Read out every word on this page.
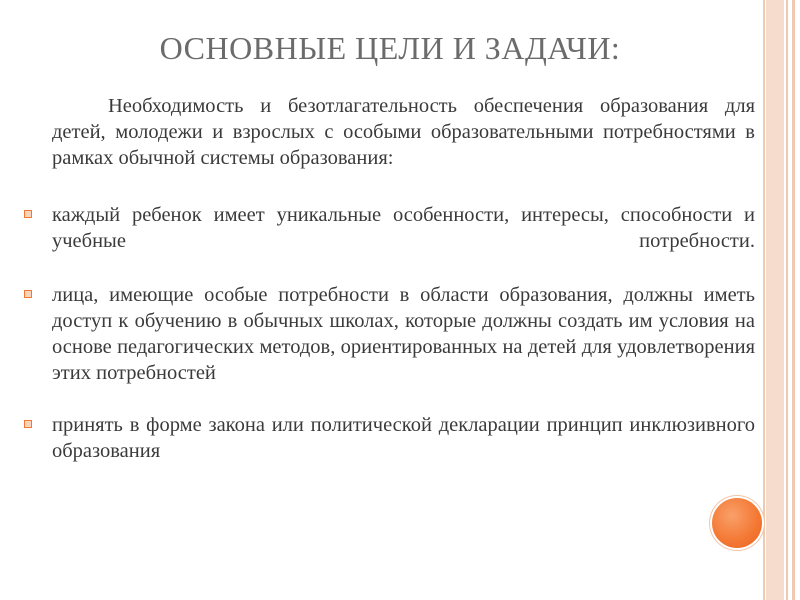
ОСНОВНЫЕ ЦЕЛИ И ЗАДАЧИ:

Необходимость и безотлагательность обеспечения образования для детей, молодежи и взрослых с особыми образовательными потребностями в рамках обычной системы образования:

каждый ребенок имеет уникальные особенности, интересы, способности и учебные потребности.
лица, имеющие особые потребности в области образования, должны иметь доступ к обучению в обычных школах, которые должны создать им условия на основе педагогических методов, ориентированных на детей для удовлетворения этих потребностей
принять в форме закона или политической декларации принцип инклюзивного образования
